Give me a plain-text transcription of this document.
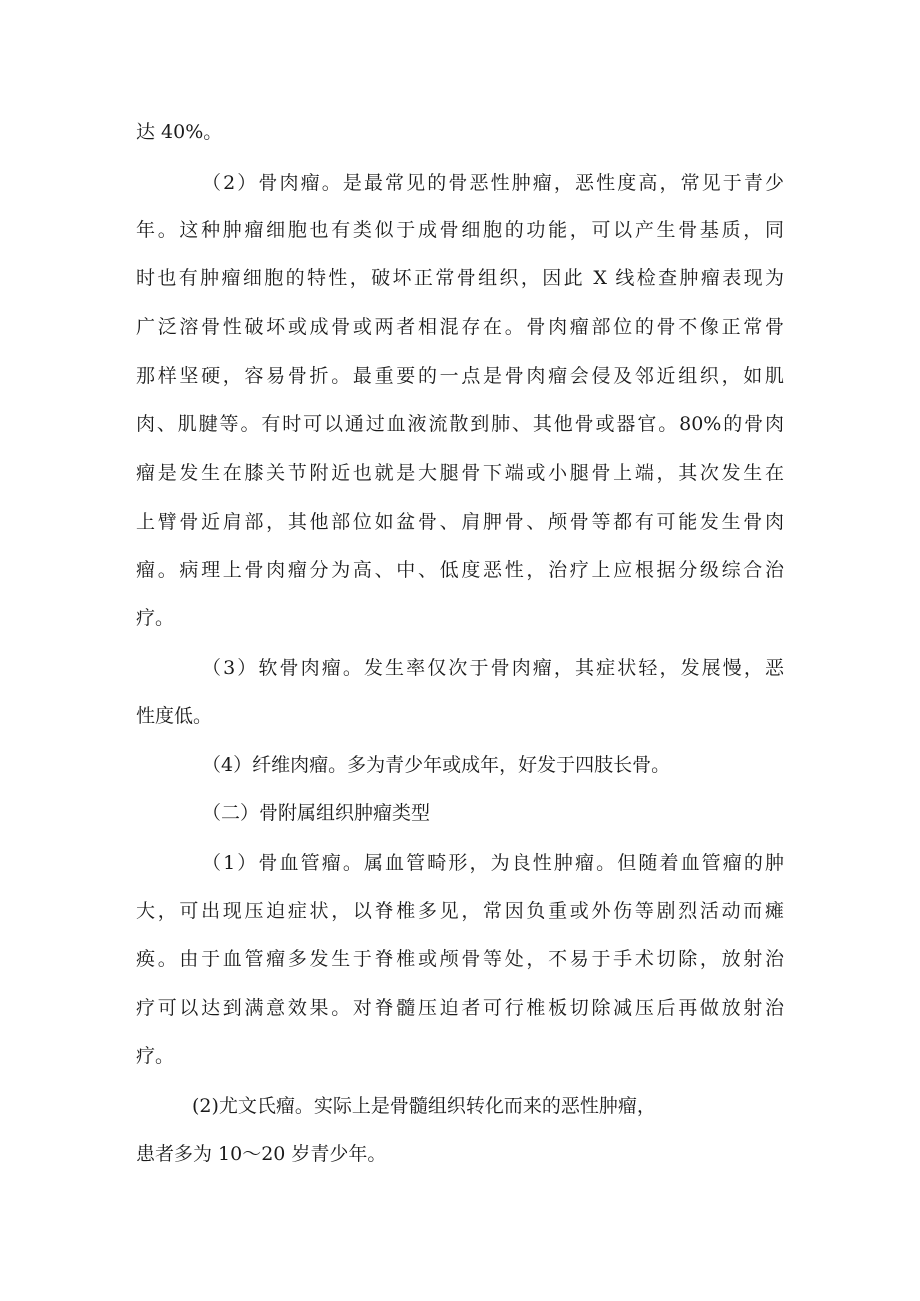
达 40%。
（2）骨肉瘤。是最常见的骨恶性肿瘤，恶性度高，常见于青少
年。这种肿瘤细胞也有类似于成骨细胞的功能，可以产生骨基质，同
时也有肿瘤细胞的特性，破坏正常骨组织，因此 X 线检查肿瘤表现为
广泛溶骨性破坏或成骨或两者相混存在。骨肉瘤部位的骨不像正常骨
那样坚硬，容易骨折。最重要的一点是骨肉瘤会侵及邻近组织，如肌
肉、肌腱等。有时可以通过血液流散到肺、其他骨或器官。80%的骨肉
瘤是发生在膝关节附近也就是大腿骨下端或小腿骨上端，其次发生在
上臂骨近肩部，其他部位如盆骨、肩胛骨、颅骨等都有可能发生骨肉
瘤。病理上骨肉瘤分为高、中、低度恶性，治疗上应根据分级综合治
疗。
（3）软骨肉瘤。发生率仅次于骨肉瘤，其症状轻，发展慢，恶
性度低。
（4）纤维肉瘤。多为青少年或成年，好发于四肢长骨。
（二）骨附属组织肿瘤类型
（1）骨血管瘤。属血管畸形，为良性肿瘤。但随着血管瘤的肿
大，可出现压迫症状，以脊椎多见，常因负重或外伤等剧烈活动而瘫
痪。由于血管瘤多发生于脊椎或颅骨等处，不易于手术切除，放射治
疗可以达到满意效果。对脊髓压迫者可行椎板切除减压后再做放射治
疗。
(2)尤文氏瘤。实际上是骨髓组织转化而来的恶性肿瘤，
患者多为 10～20 岁青少年。
